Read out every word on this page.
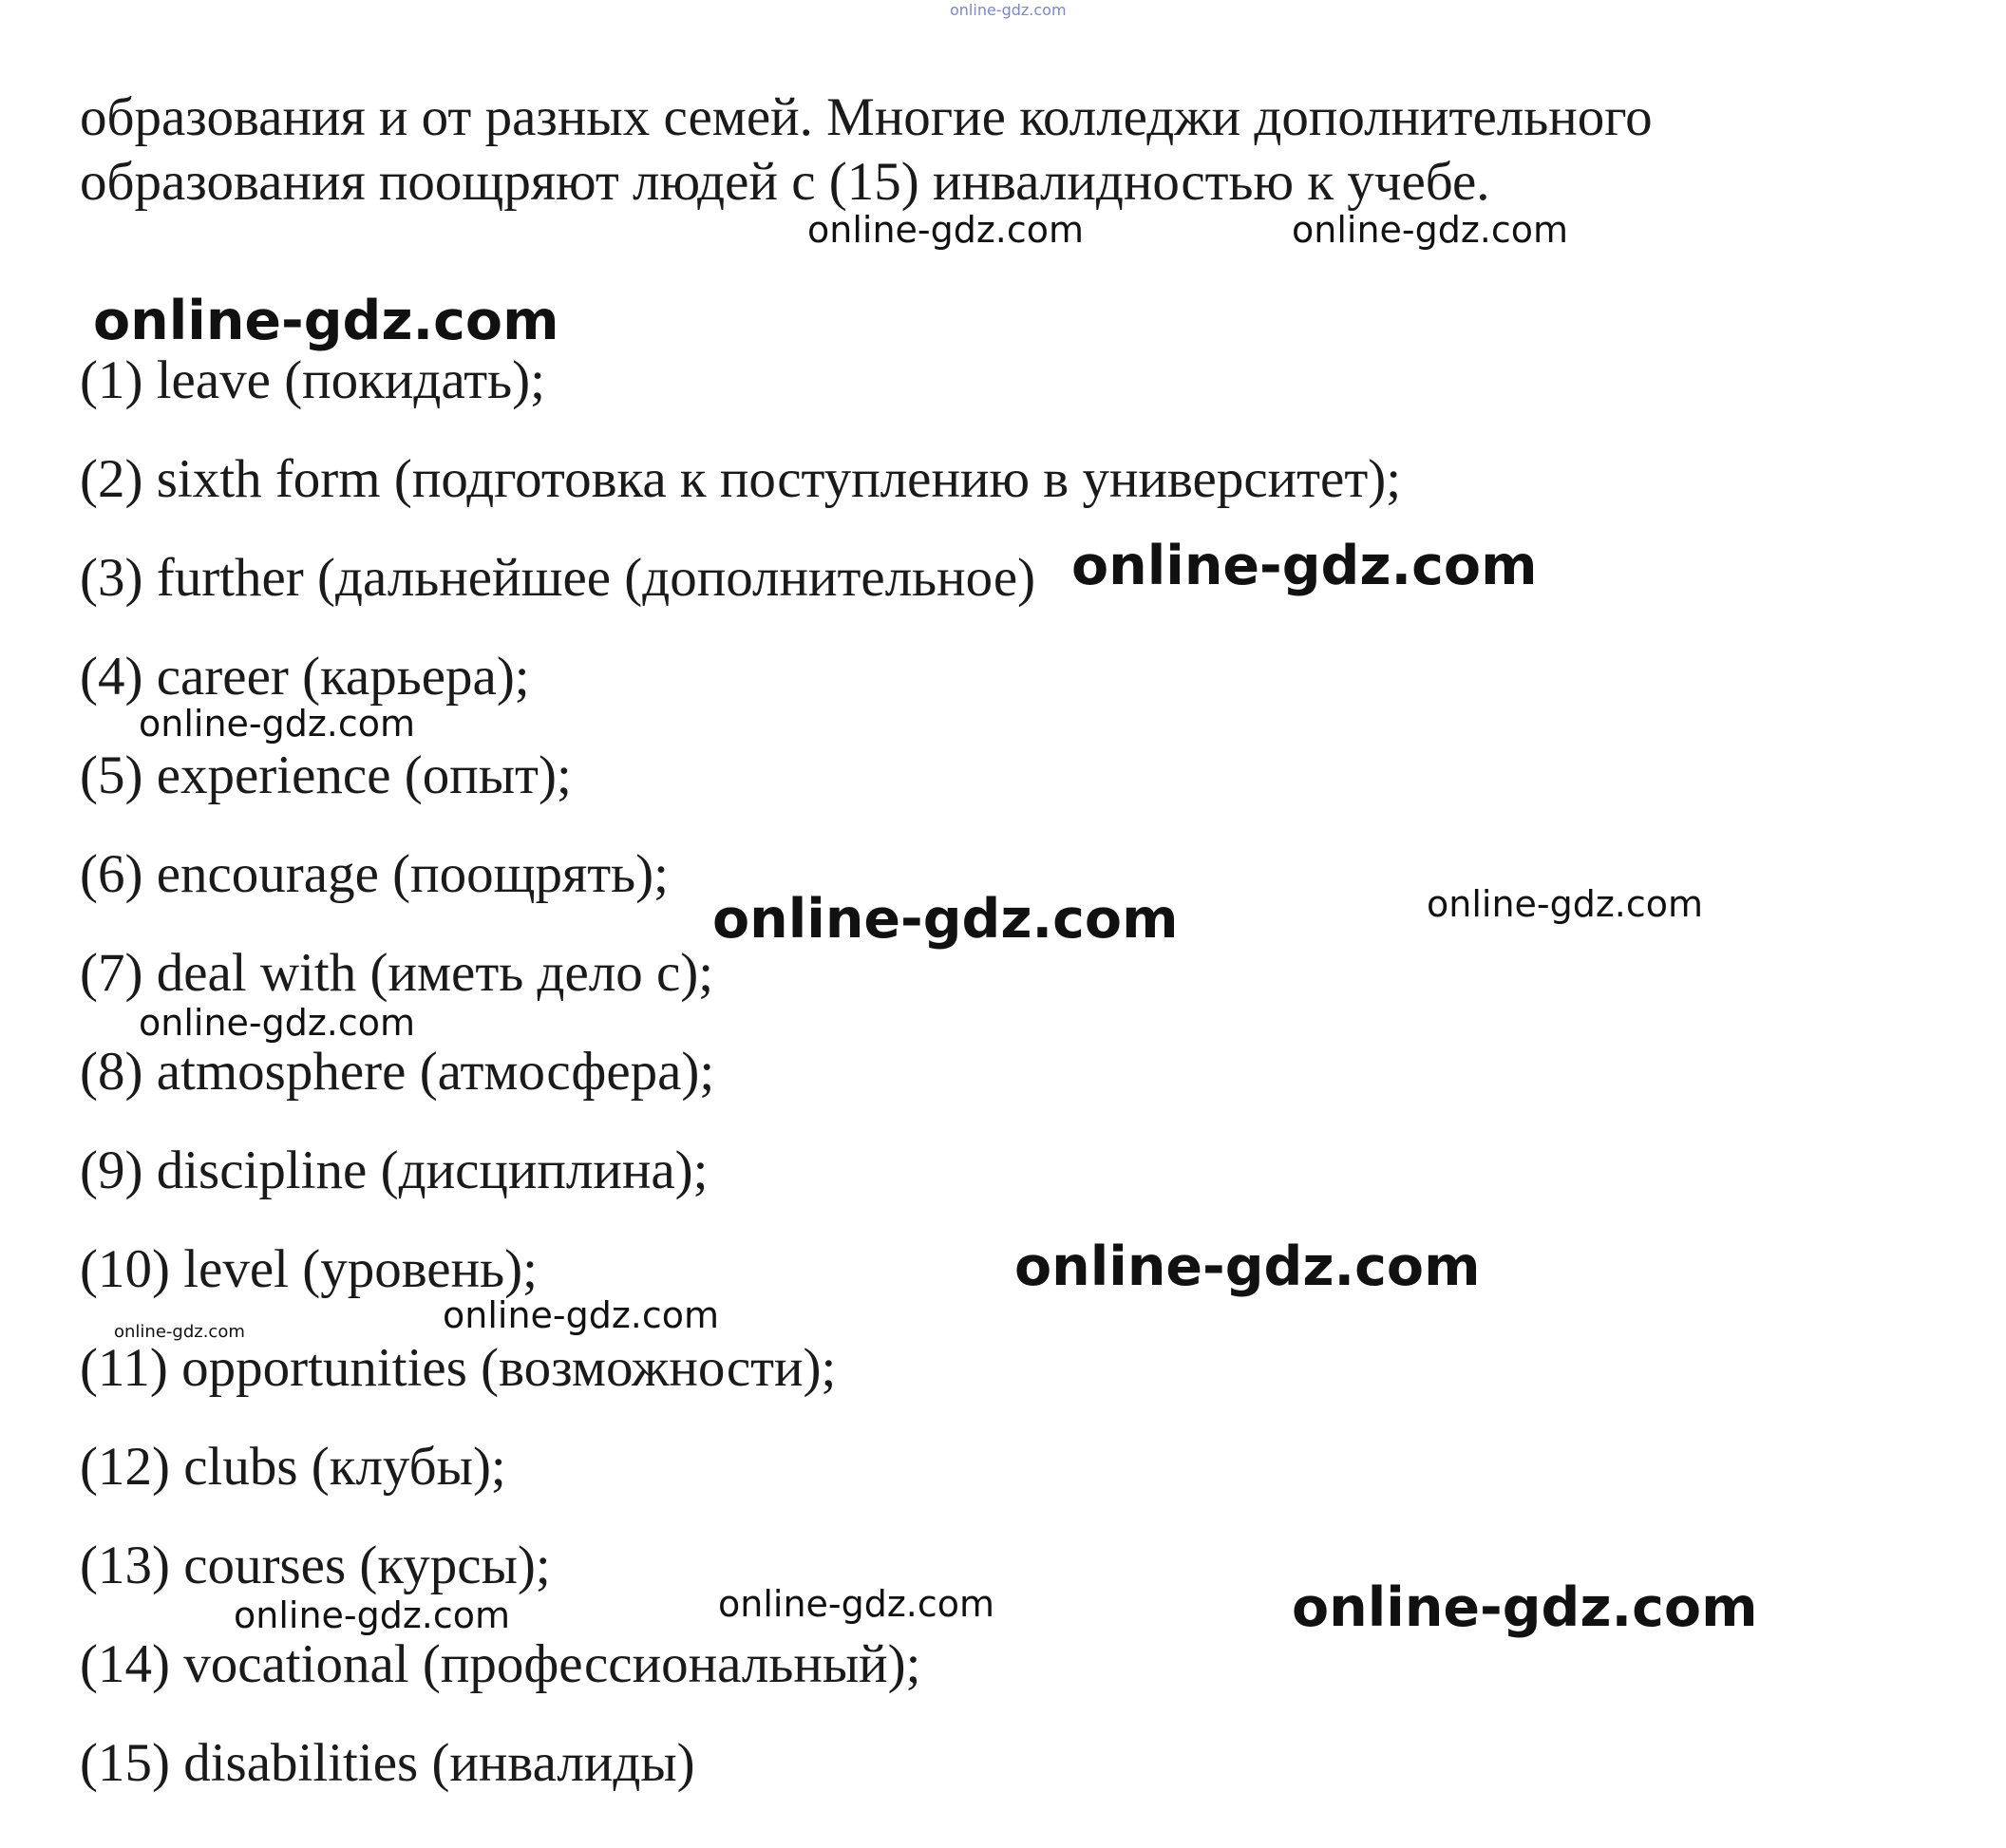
online-gdz.com

образования и от разных семей. Многие колледжи дополнительного

образования поощряют людей с (15) инвалидностью к учебе.

online-gdz.com	online-gdz.com
online-gdz.com

(1) leave (покидать);

(2) sixth form (подготовка к поступлению в университет);

(3) further (дальнейшее (дополнительное) online-gdz.com

(4) career (карьера);

online-gdz.com

(5) experience (опыт);

(6) encourage (поощрять);

online-gdz.com	online-gdz.com

(7) deal with (иметь дело с);

online-gdz.com

(8) atmosphere (атмосфера);

(9) discipline (дисциплина);

(10) level (уровень);	online-gdz.com
online-gdz.com	online-gdz.com

(11) opportunities (возможности);

(12) clubs (клубы);

(13) courses (курсы);

online-gdz.com	online-gdz.com	online-gdz.com

(14) vocational (профессиональный);

(15) disabilities (инвалиды)
